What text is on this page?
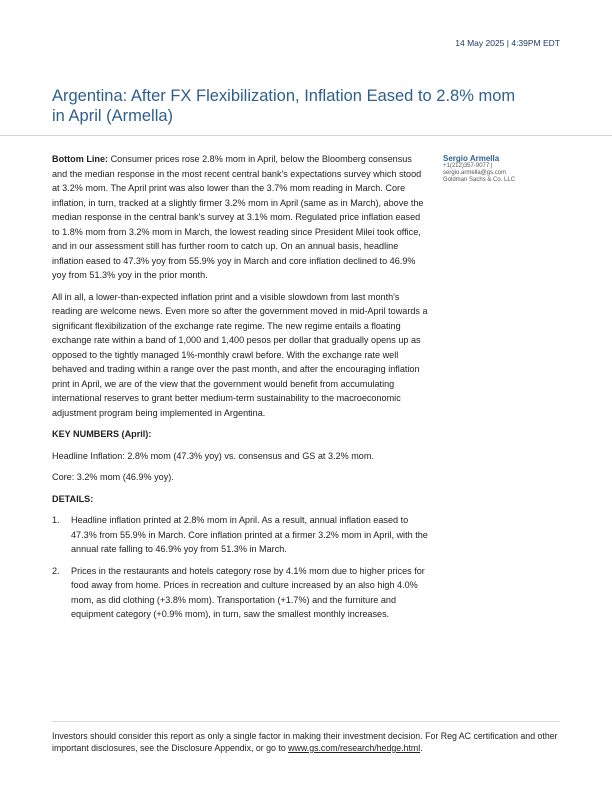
14 May 2025 | 4:39PM EDT
Argentina: After FX Flexibilization, Inflation Eased to 2.8% mom in April (Armella)
Sergio Armella
+1(212)357-9077 |
sergio.armella@gs.com
Goldman Sachs & Co. LLC

Bottom Line: Consumer prices rose 2.8% mom in April, below the Bloomberg consensus and the median response in the most recent central bank's expectations survey which stood at 3.2% mom. The April print was also lower than the 3.7% mom reading in March. Core inflation, in turn, tracked at a slightly firmer 3.2% mom in April (same as in March), above the median response in the central bank's survey at 3.1% mom. Regulated price inflation eased to 1.8% mom from 3.2% mom in March, the lowest reading since President Milei took office, and in our assessment still has further room to catch up. On an annual basis, headline inflation eased to 47.3% yoy from 55.9% yoy in March and core inflation declined to 46.9% yoy from 51.3% yoy in the prior month.

All in all, a lower-than-expected inflation print and a visible slowdown from last month's reading are welcome news. Even more so after the government moved in mid-April towards a significant flexibilization of the exchange rate regime. The new regime entails a floating exchange rate within a band of 1,000 and 1,400 pesos per dollar that gradually opens up as opposed to the tightly managed 1%-monthly crawl before. With the exchange rate well behaved and trading within a range over the past month, and after the encouraging inflation print in April, we are of the view that the government would benefit from accumulating international reserves to grant better medium-term sustainability to the macroeconomic adjustment program being implemented in Argentina.

KEY NUMBERS (April):

Headline Inflation: 2.8% mom (47.3% yoy) vs. consensus and GS at 3.2% mom.

Core: 3.2% mom (46.9% yoy).

DETAILS:

1. Headline inflation printed at 2.8% mom in April. As a result, annual inflation eased to 47.3% from 55.9% in March. Core inflation printed at a firmer 3.2% mom in April, with the annual rate falling to 46.9% yoy from 51.3% in March.
2. Prices in the restaurants and hotels category rose by 4.1% mom due to higher prices for food away from home. Prices in recreation and culture increased by an also high 4.0% mom, as did clothing (+3.8% mom). Transportation (+1.7%) and the furniture and equipment category (+0.9% mom), in turn, saw the smallest monthly increases.
Investors should consider this report as only a single factor in making their investment decision. For Reg AC certification and other important disclosures, see the Disclosure Appendix, or go to www.gs.com/research/hedge.html.
